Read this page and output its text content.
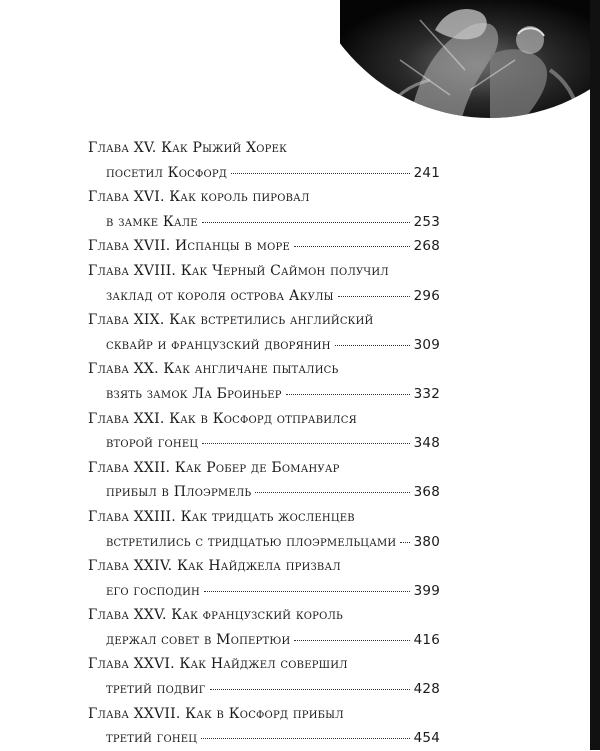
Глава XV. Как Рыжий Хорек
посетил Косфорд	241
Глава XVI. Как король пировал
в замке Кале	253
Глава XVII. Испанцы в море	268
Глава XVIII. Как Черный Саймон получил
заклад от короля острова Акулы	296
Глава XIX. Как встретились английский
сквайр и французский дворянин	309
Глава XX. Как англичане пытались
взять замок Ла Броиньер	332
Глава XXI. Как в Косфорд отправился
второй гонец	348
Глава XXII. Как Робер де Бомануар
прибыл в Плоэрмель	368
Глава XXIII. Как тридцать жосленцев
встретились с тридцатью плоэрмельцами 380
Глава XXIV. Как Найджела призвал
его господин	399
Глава XXV. Как французский король
держал совет в Мопертюи	416
Глава XXVI. Как Найджел совершил
третий подвиг	428
Глава XXVII. Как в Косфорд прибыл
третий гонец	454
